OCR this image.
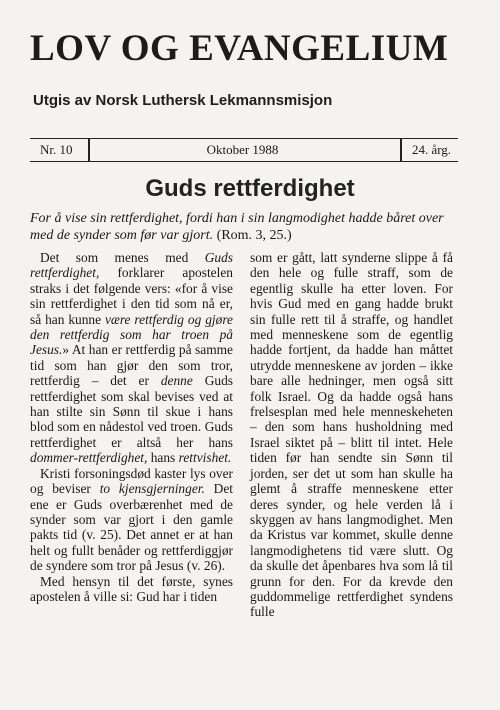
LOV OG EVANGELIUM
Utgis av Norsk Luthersk Lekmannsmisjon
Nr. 10	Oktober 1988	24. årg.
Guds rettferdighet
For å vise sin rettferdighet, fordi han i sin langmodighet hadde båret over med de synder som før var gjort. (Rom. 3, 25.)

Det som menes med Guds rettferdighet, forklarer apostelen straks i det følgende vers: «for å vise sin rettferdighet i den tid som nå er, så han kunne være rettferdig og gjøre den rettferdig som har troen på Jesus.» At han er rettferdig på samme tid som han gjør den som tror, rettferdig – det er denne Guds rettferdighet som skal bevises ved at han stilte sin Sønn til skue i hans blod som en nådestol ved troen. Guds rettferdighet er altså her hans dommer-rettferdighet, hans rettvishet.

Kristi forsoningsdød kaster lys over og beviser to kjensgjerninger. Det ene er Guds overbærenhet med de synder som var gjort i den gamle pakts tid (v. 25). Det annet er at han helt og fullt benåder og rettferdiggjør de syndere som tror på Jesus (v. 26).

Med hensyn til det første, synes apostelen å ville si: Gud har i tiden

som er gått, latt synderne slippe å få den hele og fulle straff, som de egentlig skulle ha etter loven. For hvis Gud med en gang hadde brukt sin fulle rett til å straffe, og handlet med menneskene som de egentlig hadde fortjent, da hadde han måttet utrydde menneskene av jorden – ikke bare alle hedninger, men også sitt folk Israel. Og da hadde også hans frelsesplan med hele menneskeheten – den som hans husholdning med Israel siktet på – blitt til intet. Hele tiden før han sendte sin Sønn til jorden, ser det ut som han skulle ha glemt å straffe menneskene etter deres synder, og hele verden lå i skyggen av hans langmodighet. Men da Kristus var kommet, skulle denne langmodighetens tid være slutt. Og da skulle det åpenbares hva som lå til grunn for den. For da krevde den guddommelige rettferdighet syndens fulle
